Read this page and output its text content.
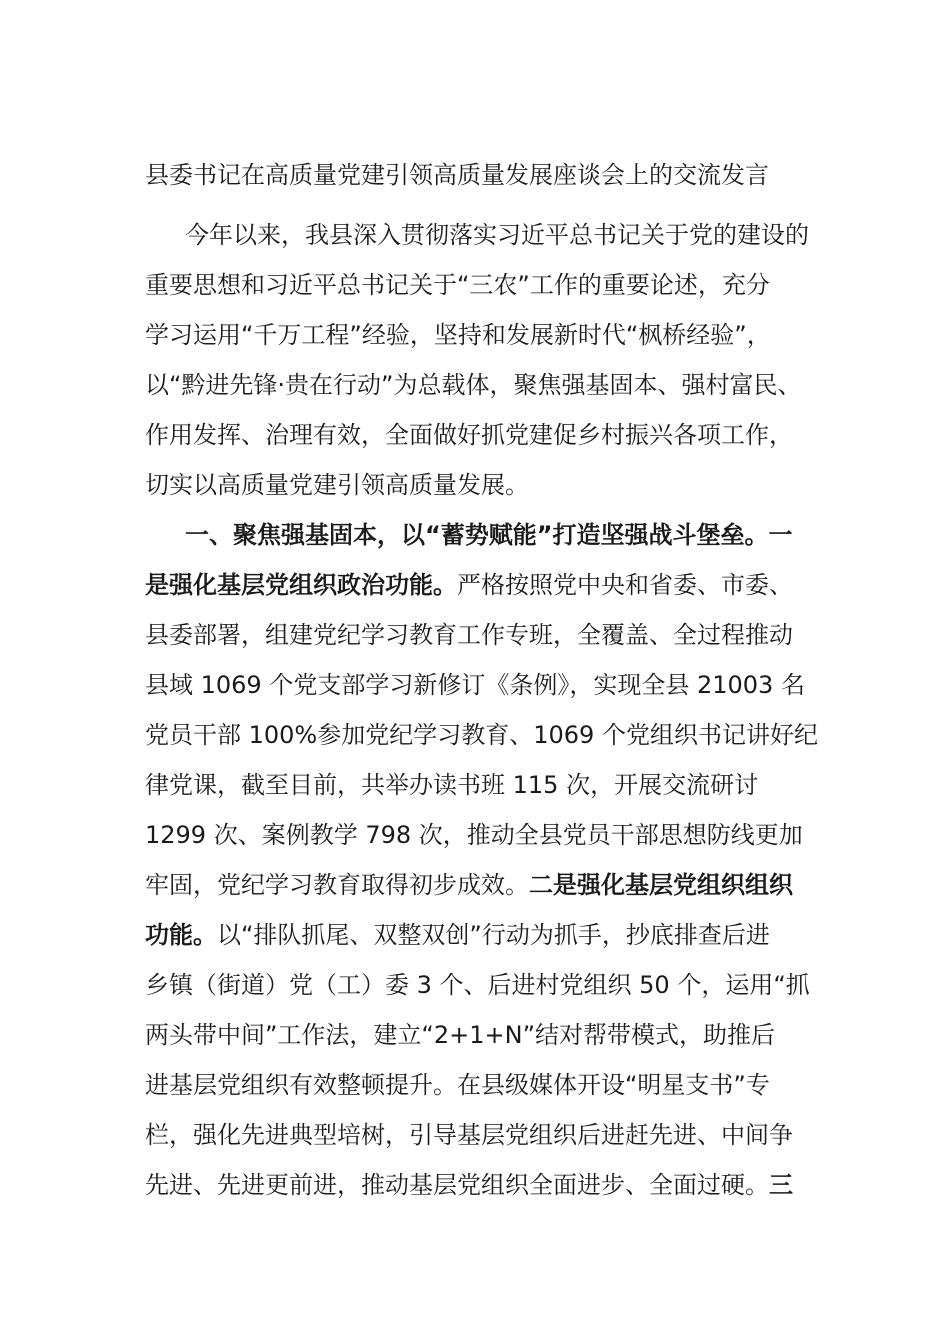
县委书记在高质量党建引领高质量发展座谈会上的交流发言
今年以来，我县深入贯彻落实习近平总书记关于党的建设的
重要思想和习近平总书记关于“三农”工作的重要论述，充分
学习运用“千万工程”经验，坚持和发展新时代“枫桥经验”，
以“黔进先锋·贵在行动”为总载体，聚焦强基固本、强村富民、
作用发挥、治理有效，全面做好抓党建促乡村振兴各项工作，
切实以高质量党建引领高质量发展。
一、聚焦强基固本，以“蓄势赋能”打造坚强战斗堡垒。一
是强化基层党组织政治功能。严格按照党中央和省委、市委、
县委部署，组建党纪学习教育工作专班，全覆盖、全过程推动
县域 1069 个党支部学习新修订《条例》，实现全县 21003 名
党员干部 100%参加党纪学习教育、1069 个党组织书记讲好纪
律党课，截至目前，共举办读书班 115 次，开展交流研讨
1299 次、案例教学 798 次，推动全县党员干部思想防线更加
牢固，党纪学习教育取得初步成效。二是强化基层党组织组织
功能。以“排队抓尾、双整双创”行动为抓手，抄底排查后进
乡镇（街道）党（工）委 3 个、后进村党组织 50 个，运用“抓
两头带中间”工作法，建立“2+1+N”结对帮带模式，助推后
进基层党组织有效整顿提升。在县级媒体开设“明星支书”专
栏，强化先进典型培树，引导基层党组织后进赶先进、中间争
先进、先进更前进，推动基层党组织全面进步、全面过硬。三
